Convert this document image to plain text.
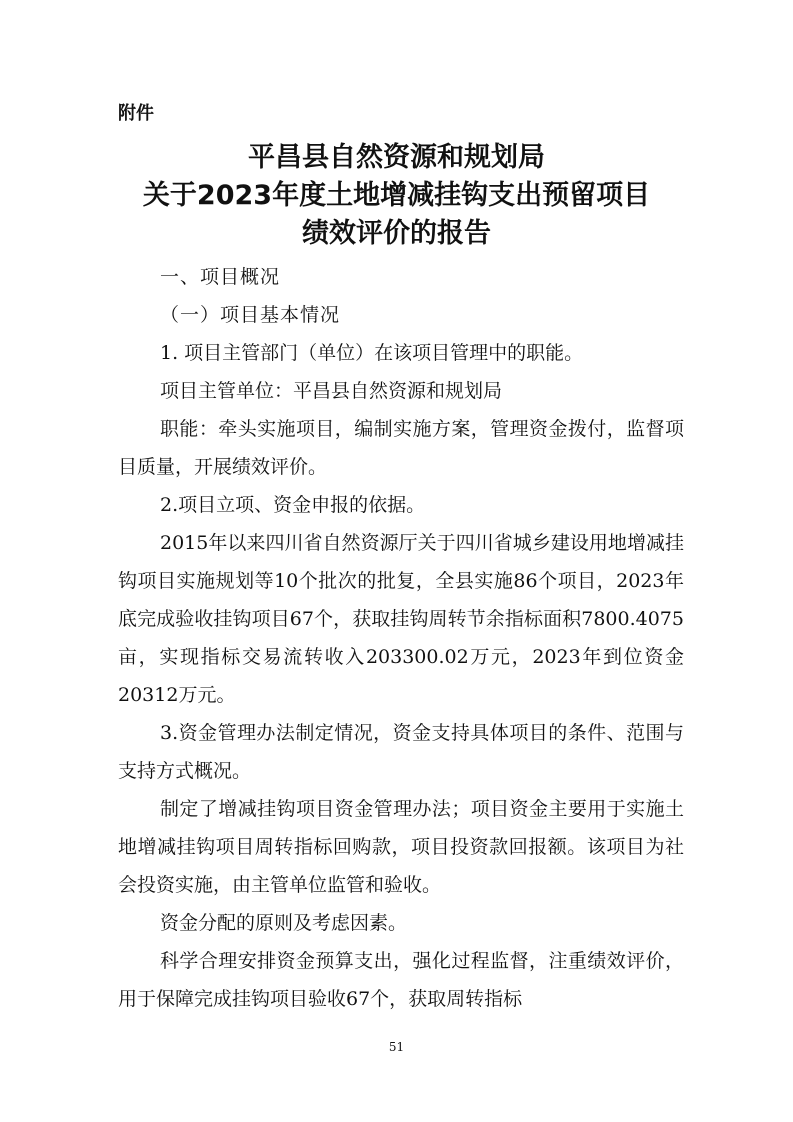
附件

平昌县自然资源和规划局
关于2023年度土地增减挂钩支出预留项目
绩效评价的报告

一、项目概况

（一）项目基本情况

1. 项目主管部门（单位）在该项目管理中的职能。

项目主管单位：平昌县自然资源和规划局

职能：牵头实施项目，编制实施方案，管理资金拨付，监督项目质量，开展绩效评价。

2.项目立项、资金申报的依据。

2015年以来四川省自然资源厅关于四川省城乡建设用地增减挂钩项目实施规划等10个批次的批复，全县实施86个项目，2023年底完成验收挂钩项目67个，获取挂钩周转节余指标面积7800.4075亩，实现指标交易流转收入203300.02万元，2023年到位资金20312万元。

3.资金管理办法制定情况，资金支持具体项目的条件、范围与支持方式概况。

制定了增减挂钩项目资金管理办法；项目资金主要用于实施土地增减挂钩项目周转指标回购款，项目投资款回报额。该项目为社会投资实施，由主管单位监管和验收。

资金分配的原则及考虑因素。

科学合理安排资金预算支出，强化过程监督，注重绩效评价，用于保障完成挂钩项目验收67个，获取周转指标

51
